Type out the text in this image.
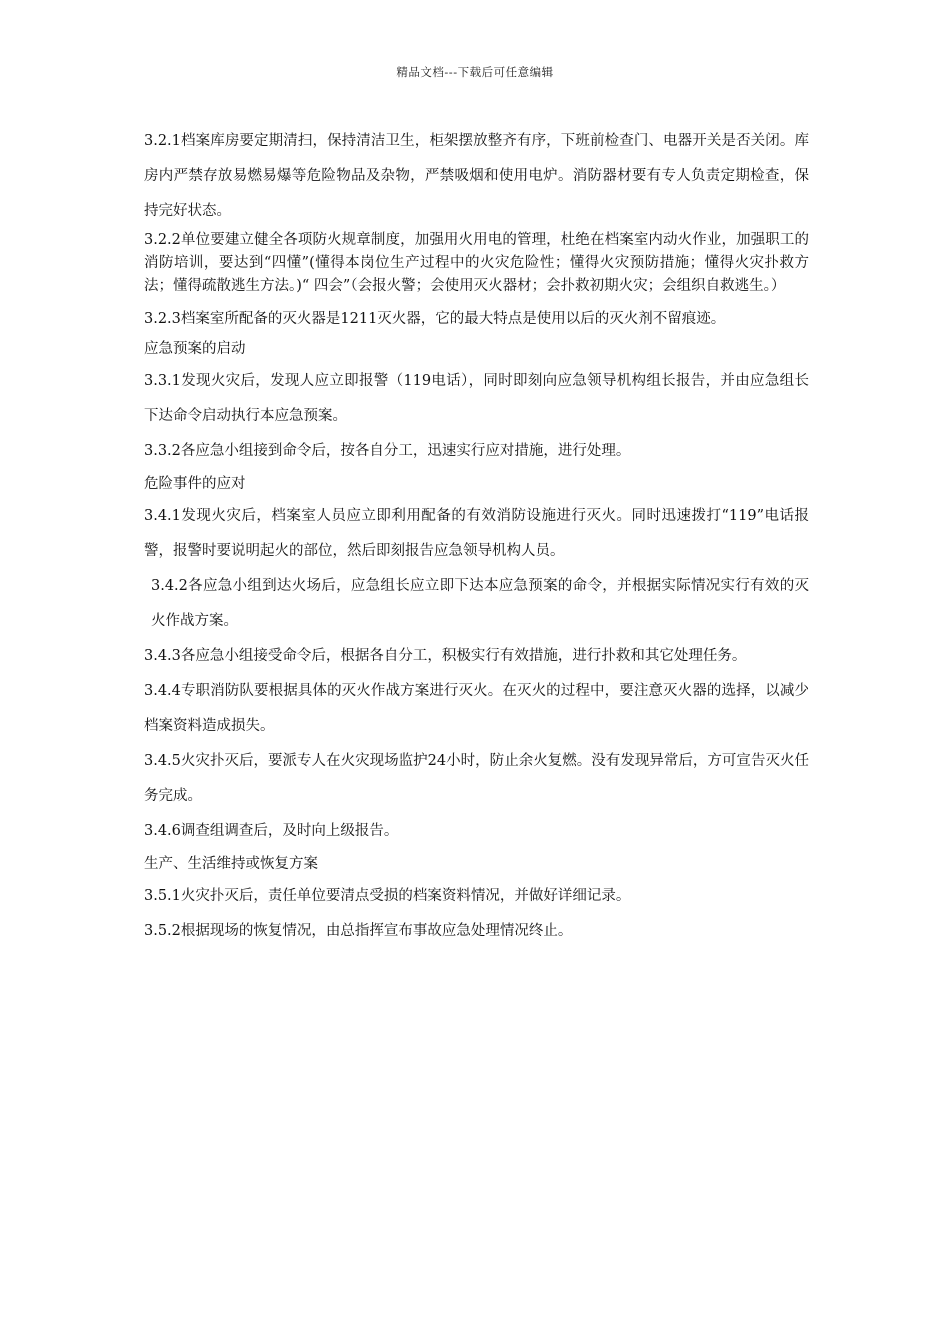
精品文档---下载后可任意编辑

3.2.1档案库房要定期清扫，保持清洁卫生，柜架摆放整齐有序，下班前检查门、电器开关是否关闭。库房内严禁存放易燃易爆等危险物品及杂物，严禁吸烟和使用电炉。消防器材要有专人负责定期检查，保持完好状态。

3.2.2单位要建立健全各项防火规章制度，加强用火用电的管理，杜绝在档案室内动火作业，加强职工的消防培训，要达到“四懂”(懂得本岗位生产过程中的火灾危险性；懂得火灾预防措施；懂得火灾扑救方法；懂得疏散逃生方法。)“ 四会”（会报火警；会使用灭火器材；会扑救初期火灾；会组织自救逃生。）

3.2.3档案室所配备的灭火器是1211灭火器，它的最大特点是使用以后的灭火剂不留痕迹。

应急预案的启动

3.3.1发现火灾后，发现人应立即报警（119电话），同时即刻向应急领导机构组长报告，并由应急组长下达命令启动执行本应急预案。

3.3.2各应急小组接到命令后，按各自分工，迅速实行应对措施，进行处理。

危险事件的应对

3.4.1发现火灾后，档案室人员应立即利用配备的有效消防设施进行灭火。同时迅速拨打“119”电话报警，报警时要说明起火的部位，然后即刻报告应急领导机构人员。

3.4.2各应急小组到达火场后，应急组长应立即下达本应急预案的命令，并根据实际情况实行有效的灭火作战方案。

3.4.3各应急小组接受命令后，根据各自分工，积极实行有效措施，进行扑救和其它处理任务。

3.4.4专职消防队要根据具体的灭火作战方案进行灭火。在灭火的过程中，要注意灭火器的选择，以减少档案资料造成损失。

3.4.5火灾扑灭后，要派专人在火灾现场监护24小时，防止余火复燃。没有发现异常后，方可宣告灭火任务完成。

3.4.6调查组调查后，及时向上级报告。

生产、生活维持或恢复方案

3.5.1火灾扑灭后，责任单位要清点受损的档案资料情况，并做好详细记录。

3.5.2根据现场的恢复情况，由总指挥宣布事故应急处理情况终止。
